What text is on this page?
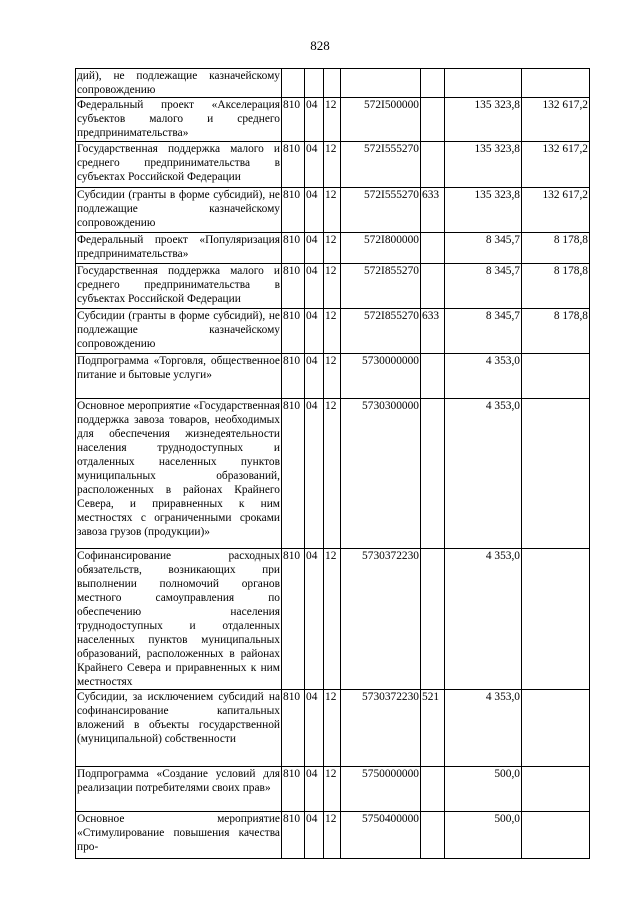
828
дий), не подлежащие казначейскому сопровождению							
Федеральный проект «Акселерация субъектов малого и среднего предпринимательства»	810	04	12	572I500000		135 323,8	132 617,2
Государственная поддержка малого и среднего предпринимательства в субъектах Российской Федерации	810	04	12	572I555270		135 323,8	132 617,2
Субсидии (гранты в форме субсидий), не подлежащие казначейскому сопровождению	810	04	12	572I555270	633	135 323,8	132 617,2
Федеральный проект «Популяризация предпринимательства»	810	04	12	572I800000		8 345,7	8 178,8
Государственная поддержка малого и среднего предпринимательства в субъектах Российской Федерации	810	04	12	572I855270		8 345,7	8 178,8
Субсидии (гранты в форме субсидий), не подлежащие казначейскому сопровождению	810	04	12	572I855270	633	8 345,7	8 178,8
Подпрограмма «Торговля, общественное питание и бытовые услуги»	810	04	12	5730000000		4 353,0	
Основное мероприятие «Государственная поддержка завоза товаров, необходимых для обеспечения жизнедеятельности населения труднодоступных и отдаленных населенных пунктов муниципальных образований, расположенных в районах Крайнего Севера, и приравненных к ним местностях с ограниченными сроками завоза грузов (продукции)»	810	04	12	5730300000		4 353,0	
Софинансирование расходных обязательств, возникающих при выполнении полномочий органов местного самоуправления по обеспечению населения труднодоступных и отдаленных населенных пунктов муниципальных образований, расположенных в районах Крайнего Севера и приравненных к ним местностях	810	04	12	5730372230		4 353,0	
Субсидии, за исключением субсидий на софинансирование капитальных вложений в объекты государственной (муниципальной) собственности	810	04	12	5730372230	521	4 353,0	
Подпрограмма «Создание условий для реализации потребителями своих прав»	810	04	12	5750000000		500,0	
Основное мероприятие «Стимулирование повышения качества про-	810	04	12	5750400000		500,0	
